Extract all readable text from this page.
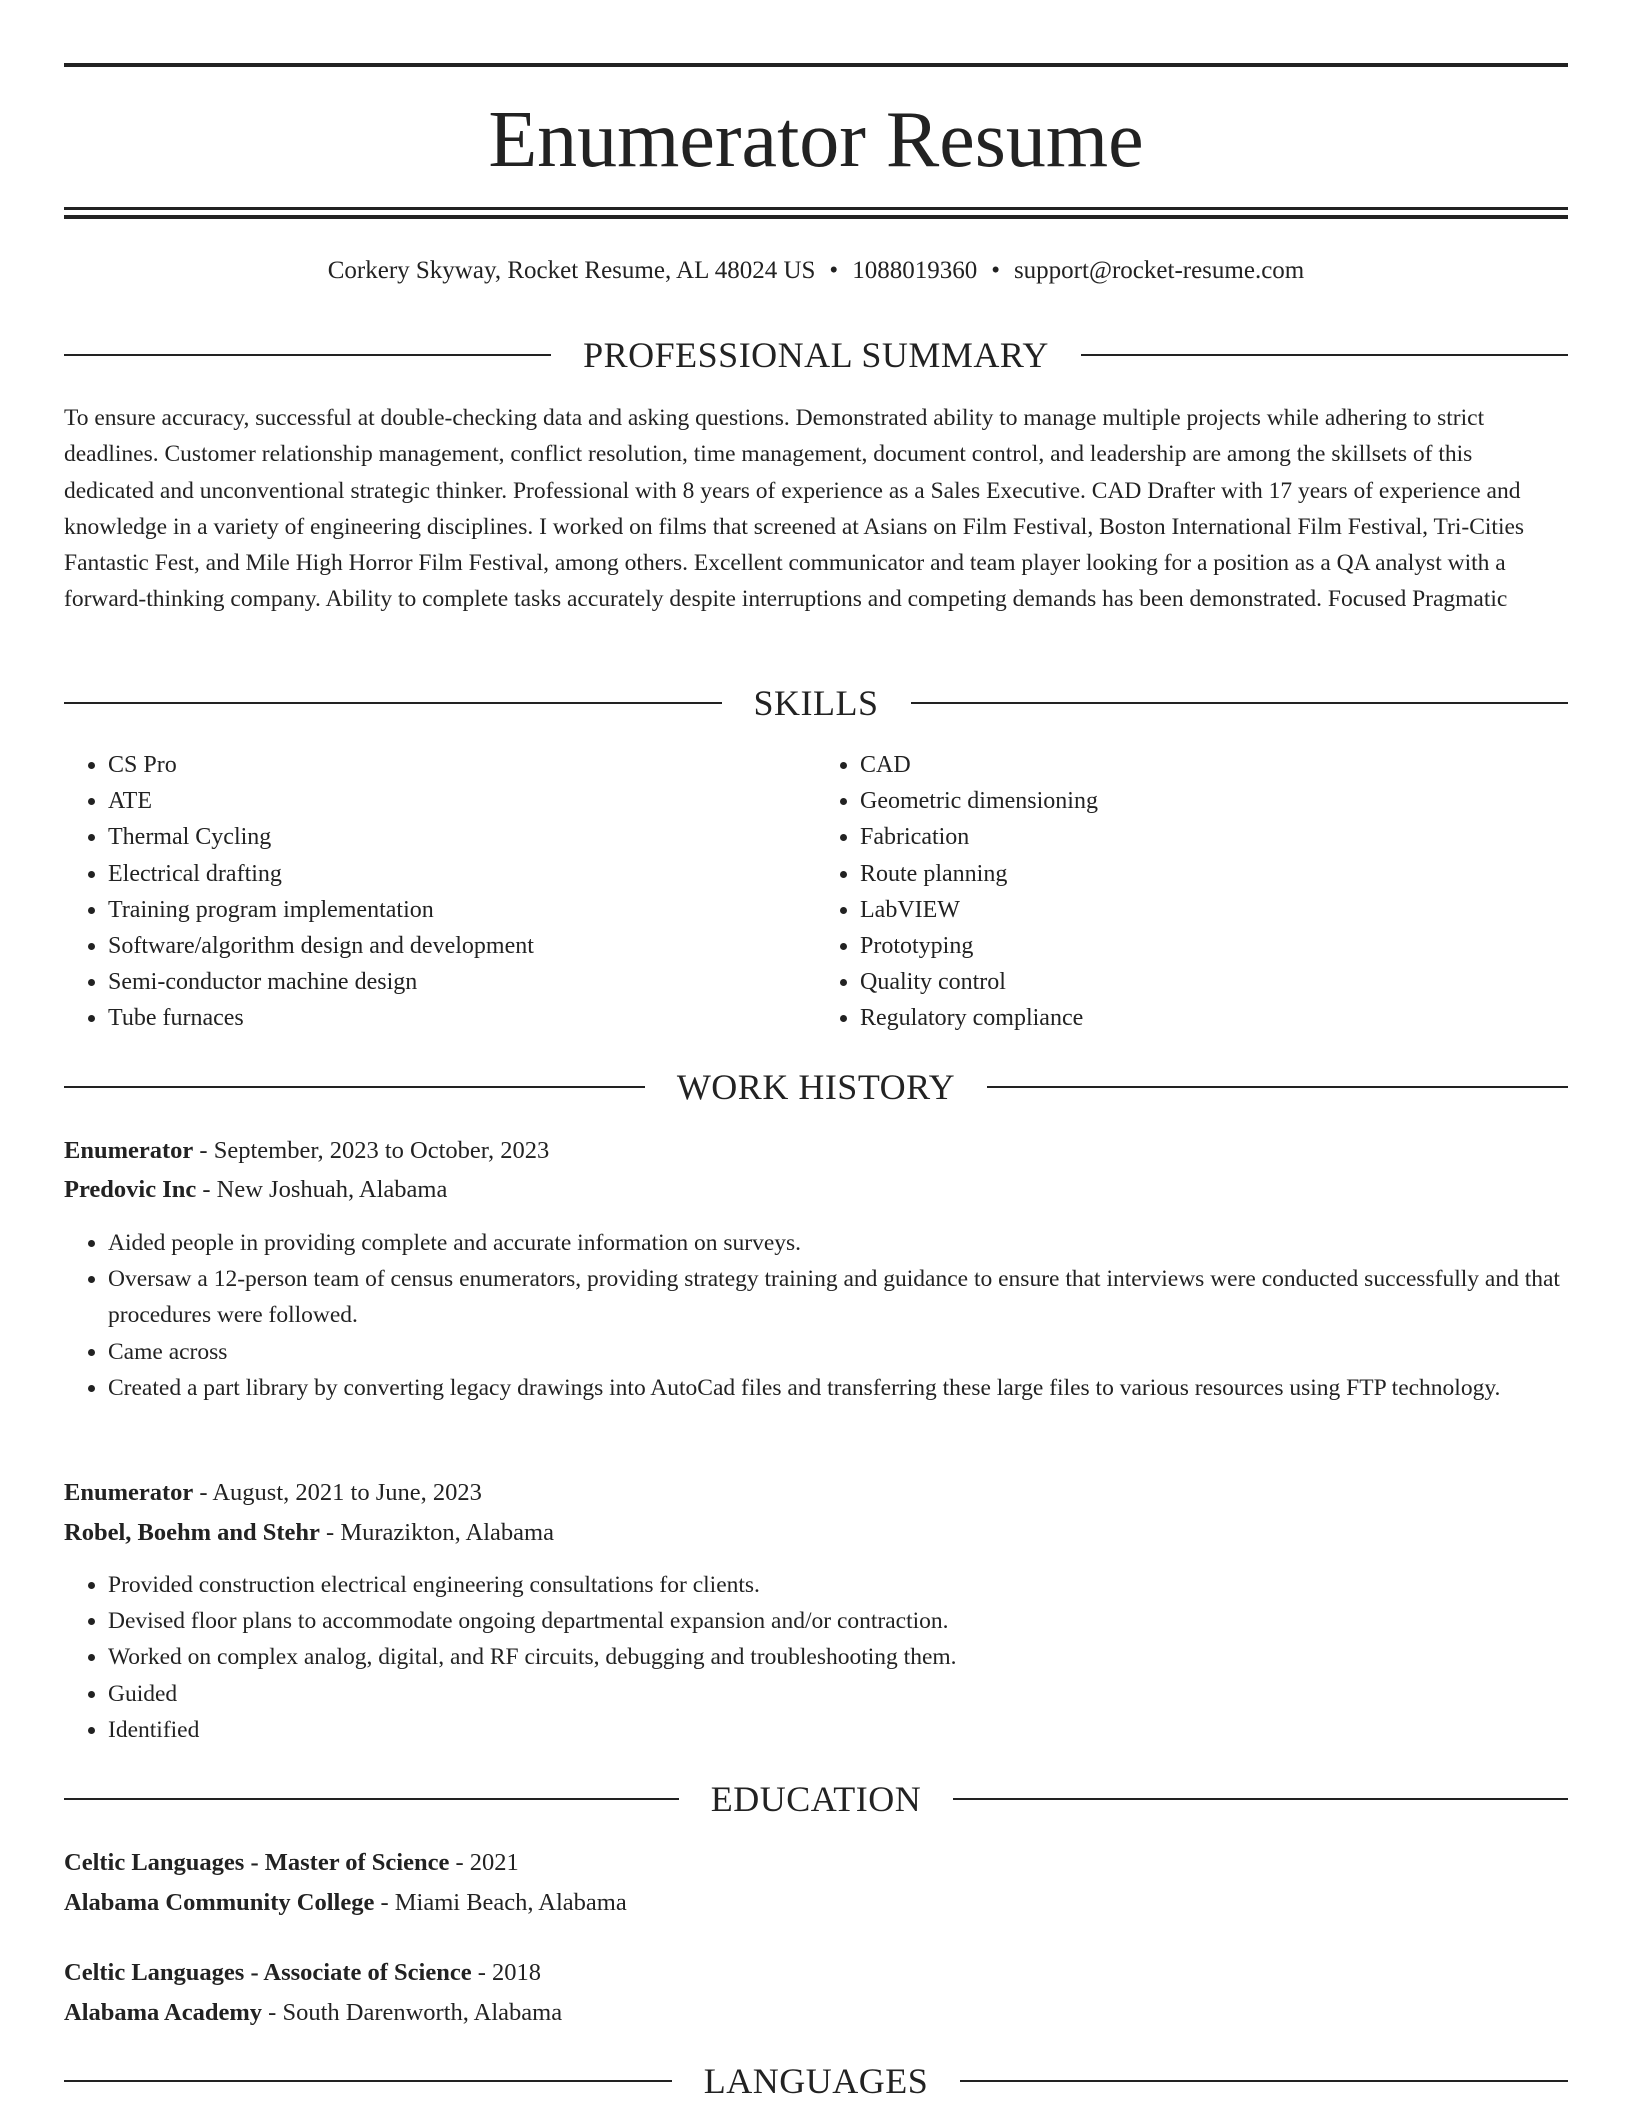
Enumerator Resume
Corkery Skyway, Rocket Resume, AL 48024 US • 1088019360 • support@rocket-resume.com
PROFESSIONAL SUMMARY

To ensure accuracy, successful at double-checking data and asking questions. Demonstrated ability to manage multiple projects while adhering to strict deadlines. Customer relationship management, conflict resolution, time management, document control, and leadership are among the skillsets of this dedicated and unconventional strategic thinker. Professional with 8 years of experience as a Sales Executive. CAD Drafter with 17 years of experience and knowledge in a variety of engineering disciplines. I worked on films that screened at Asians on Film Festival, Boston International Film Festival, Tri-Cities Fantastic Fest, and Mile High Horror Film Festival, among others. Excellent communicator and team player looking for a position as a QA analyst with a forward-thinking company. Ability to complete tasks accurately despite interruptions and competing demands has been demonstrated. Focused Pragmatic

SKILLS
• CS Pro
• ATE
• Thermal Cycling
• Electrical drafting
• Training program implementation
• Software/algorithm design and development
• Semi-conductor machine design
• Tube furnaces
• CAD
• Geometric dimensioning
• Fabrication
• Route planning
• LabVIEW
• Prototyping
• Quality control
• Regulatory compliance
WORK HISTORY
Enumerator - September, 2023 to October, 2023
Predovic Inc - New Joshuah, Alabama
• Aided people in providing complete and accurate information on surveys.
• Oversaw a 12-person team of census enumerators, providing strategy training and guidance to ensure that interviews were conducted successfully and that procedures were followed.
• Came across
• Created a part library by converting legacy drawings into AutoCad files and transferring these large files to various resources using FTP technology.
Enumerator - August, 2021 to June, 2023
Robel, Boehm and Stehr - Murazikton, Alabama
• Provided construction electrical engineering consultations for clients.
• Devised floor plans to accommodate ongoing departmental expansion and/or contraction.
• Worked on complex analog, digital, and RF circuits, debugging and troubleshooting them.
• Guided
• Identified
EDUCATION
Celtic Languages - Master of Science - 2021
Alabama Community College - Miami Beach, Alabama
Celtic Languages - Associate of Science - 2018
Alabama Academy - South Darenworth, Alabama
LANGUAGES
